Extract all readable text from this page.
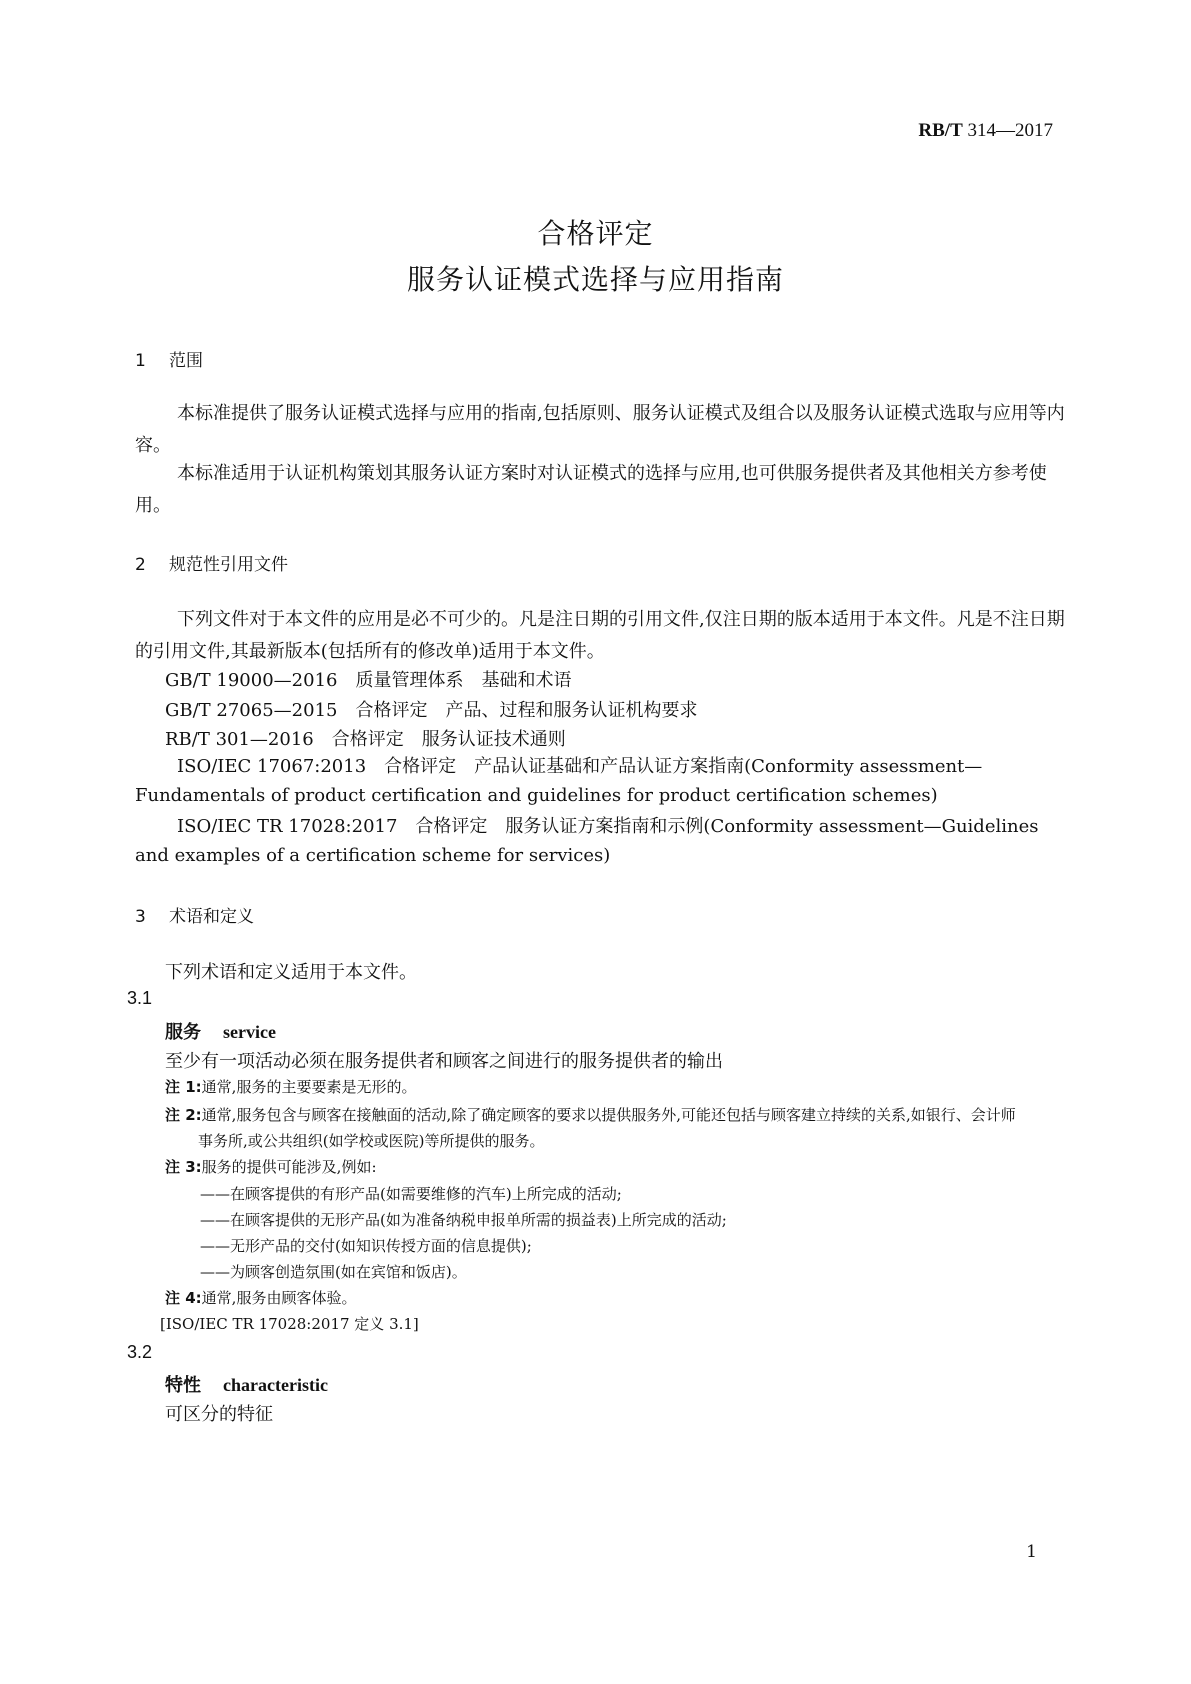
RB/T 314—2017
合格评定
服务认证模式选择与应用指南
1 范围
本标准提供了服务认证模式选择与应用的指南,包括原则、服务认证模式及组合以及服务认证模式选取与应用等内容。
本标准适用于认证机构策划其服务认证方案时对认证模式的选择与应用,也可供服务提供者及其他相关方参考使用。
2 规范性引用文件
下列文件对于本文件的应用是必不可少的。凡是注日期的引用文件,仅注日期的版本适用于本文件。凡是不注日期的引用文件,其最新版本(包括所有的修改单)适用于本文件。
GB/T 19000—2016　质量管理体系　基础和术语
GB/T 27065—2015　合格评定　产品、过程和服务认证机构要求
RB/T 301—2016　合格评定　服务认证技术通则
ISO/IEC 17067:2013　合格评定　产品认证基础和产品认证方案指南(Conformity assessment—Fundamentals of product certification and guidelines for product certification schemes)
ISO/IEC TR 17028:2017　合格评定　服务认证方案指南和示例(Conformity assessment—Guidelines and examples of a certification scheme for services)
3 术语和定义
下列术语和定义适用于本文件。
3.1
服务 service
至少有一项活动必须在服务提供者和顾客之间进行的服务提供者的输出
注 1:通常,服务的主要要素是无形的。
注 2:通常,服务包含与顾客在接触面的活动,除了确定顾客的要求以提供服务外,可能还包括与顾客建立持续的关系,如银行、会计师事务所,或公共组织(如学校或医院)等所提供的服务。
注 3:服务的提供可能涉及,例如:
——在顾客提供的有形产品(如需要维修的汽车)上所完成的活动;
——在顾客提供的无形产品(如为准备纳税申报单所需的损益表)上所完成的活动;
——无形产品的交付(如知识传授方面的信息提供);
——为顾客创造氛围(如在宾馆和饭店)。
注 4:通常,服务由顾客体验。
[ISO/IEC TR 17028:2017 定义 3.1]
3.2
特性 characteristic
可区分的特征
1
